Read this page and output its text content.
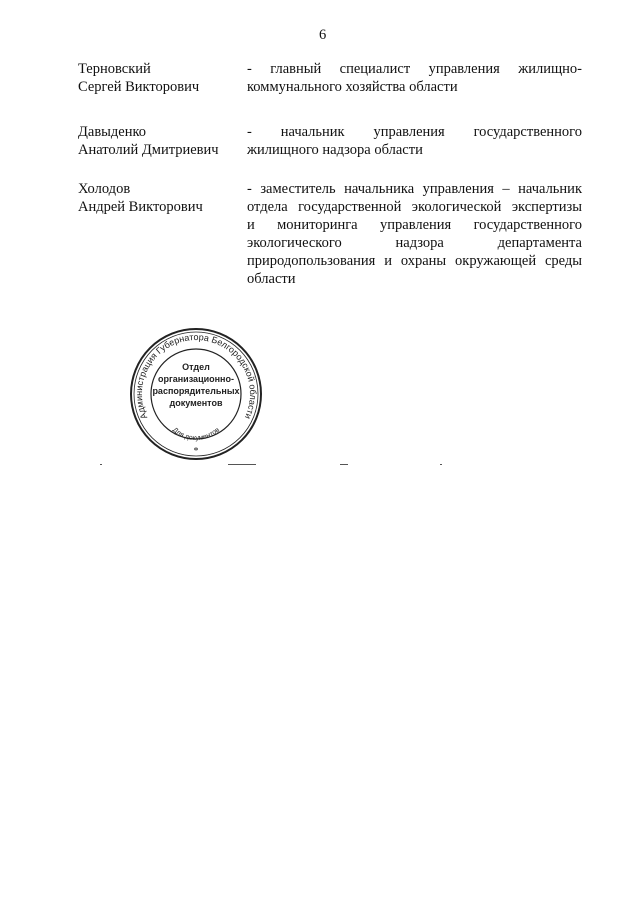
6
Терновский
Сергей Викторович
- главный специалист управления жилищно-
коммунального хозяйства области
Давыденко
Анатолий Дмитриевич
- начальник управления государственного
жилищного надзора области
Холодов
Андрей Викторович
- заместитель начальника управления – начальник
отдела государственной экологической экспертизы
и мониторинга управления государственного
экологического надзора департамента
природопользования и охраны окружающей среды
области
Администрация Губернатора Белгородской области
Отдел
организационно-
распорядительных
документов
Для документов
*
